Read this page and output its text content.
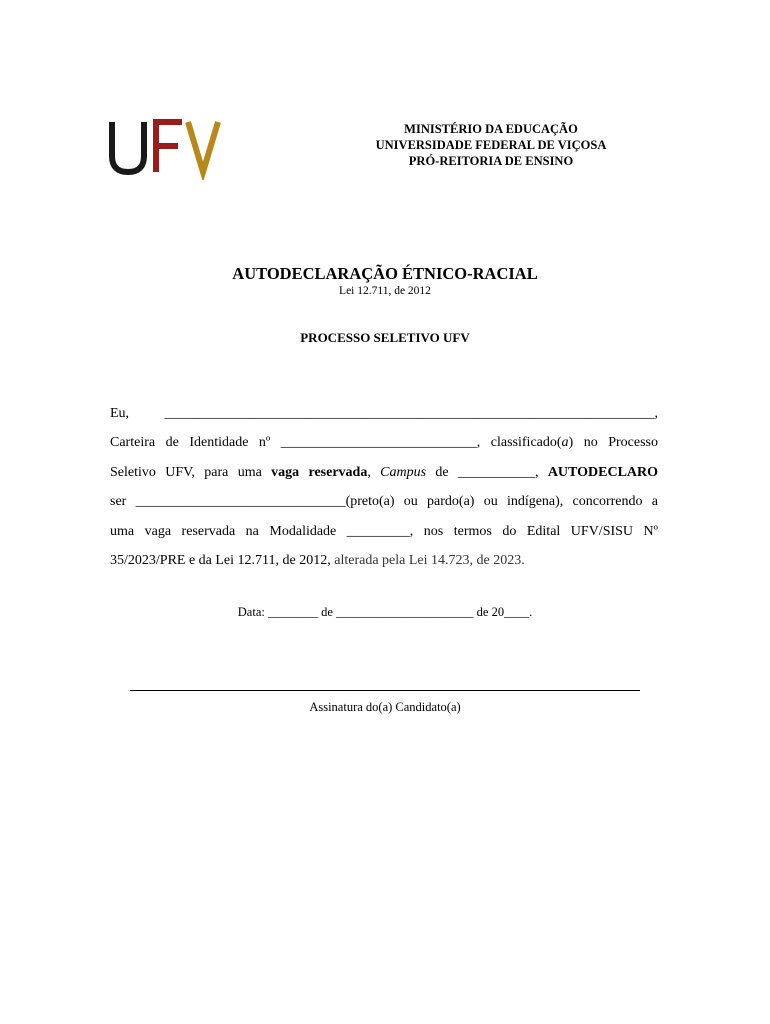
MINISTÉRIO DA EDUCAÇÃO
UNIVERSIDADE FEDERAL DE VIÇOSA
PRÓ-REITORIA DE ENSINO
AUTODECLARAÇÃO ÉTNICO-RACIAL
Lei 12.711, de 2012
PROCESSO SELETIVO UFV
Eu, ______________________________________________________________________,
Carteira de Identidade nº ____________________________, classificado(a) no Processo
Seletivo UFV, para uma vaga reservada, Campus de ___________, AUTODECLARO
ser ______________________________(preto(a) ou pardo(a) ou indígena), concorrendo a
uma vaga reservada na Modalidade _________, nos termos do Edital UFV/SISU Nº
35/2023/PRE e da Lei 12.711, de 2012, alterada pela Lei 14.723, de 2023.
Data: ________ de ______________________ de 20____.
Assinatura do(a) Candidato(a)
